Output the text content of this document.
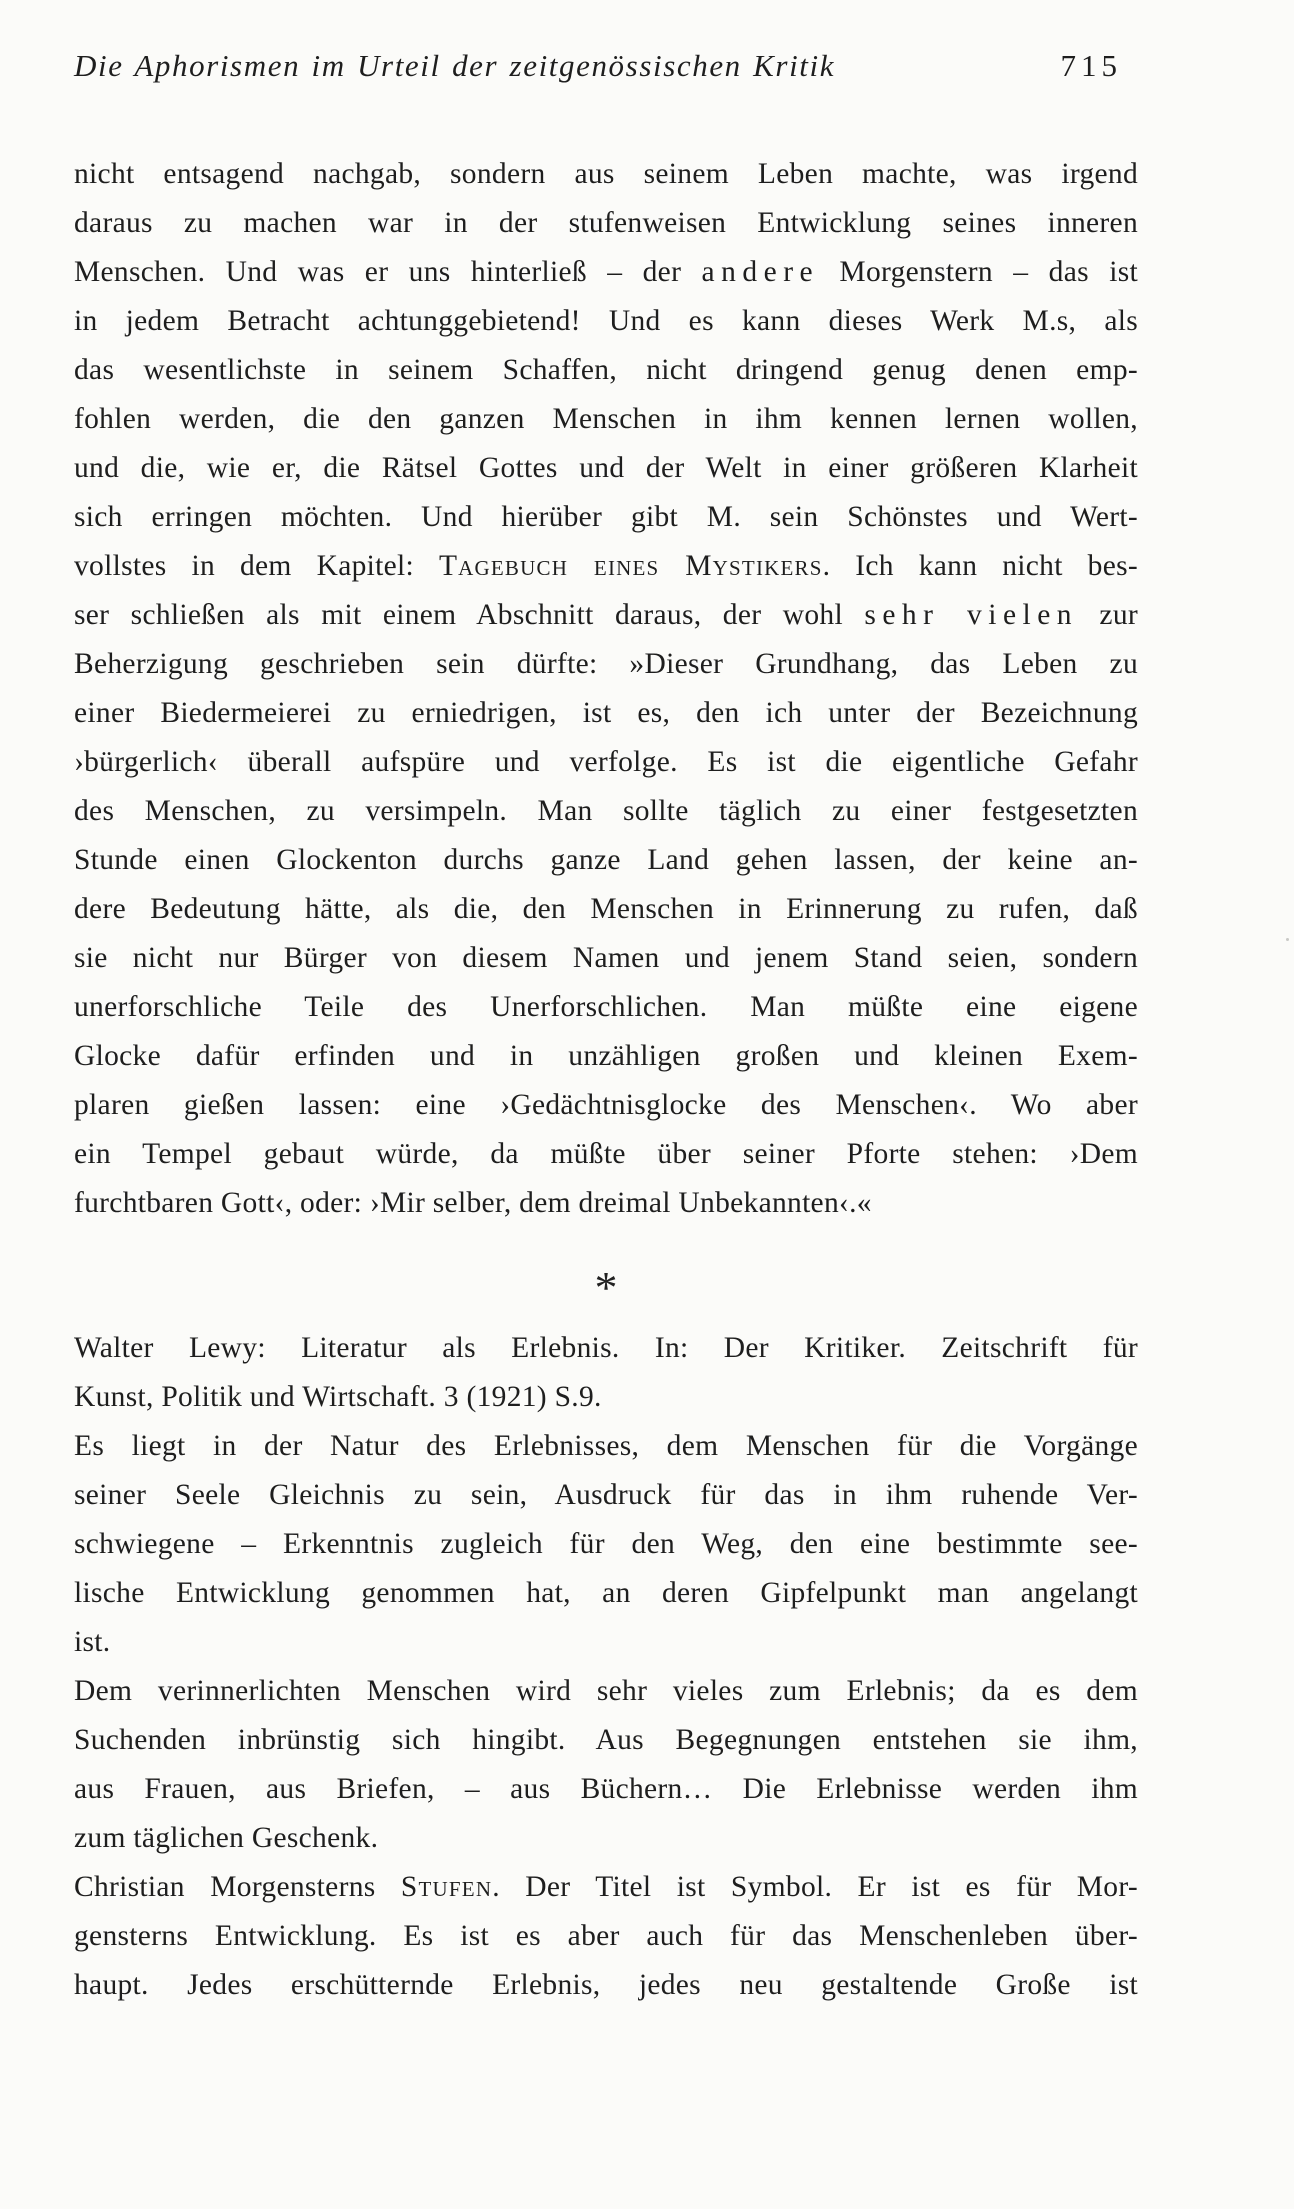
Die Aphorismen im Urteil der zeitgenössischen Kritik	715
nicht entsagend nachgab, sondern aus seinem Leben machte, was irgend
daraus zu machen war in der stufenweisen Entwicklung seines inneren
Menschen. Und was er uns hinterließ – der andere Morgenstern – das ist
in jedem Betracht achtunggebietend! Und es kann dieses Werk M.s, als
das wesentlichste in seinem Schaffen, nicht dringend genug denen emp-
fohlen werden, die den ganzen Menschen in ihm kennen lernen wollen,
und die, wie er, die Rätsel Gottes und der Welt in einer größeren Klarheit
sich erringen möchten. Und hierüber gibt M. sein Schönstes und Wert-
vollstes in dem Kapitel: Tagebuch eines Mystikers. Ich kann nicht bes-
ser schließen als mit einem Abschnitt daraus, der wohl sehr vielen zur
Beherzigung geschrieben sein dürfte: »Dieser Grundhang, das Leben zu
einer Biedermeierei zu erniedrigen, ist es, den ich unter der Bezeichnung
›bürgerlich‹ überall aufspüre und verfolge. Es ist die eigentliche Gefahr
des Menschen, zu versimpeln. Man sollte täglich zu einer festgesetzten
Stunde einen Glockenton durchs ganze Land gehen lassen, der keine an-
dere Bedeutung hätte, als die, den Menschen in Erinnerung zu rufen, daß
sie nicht nur Bürger von diesem Namen und jenem Stand seien, sondern
unerforschliche Teile des Unerforschlichen. Man müßte eine eigene
Glocke dafür erfinden und in unzähligen großen und kleinen Exem-
plaren gießen lassen: eine ›Gedächtnisglocke des Menschen‹. Wo aber
ein Tempel gebaut würde, da müßte über seiner Pforte stehen: ›Dem
furchtbaren Gott‹, oder: ›Mir selber, dem dreimal Unbekannten‹.«
*
Walter Lewy: Literatur als Erlebnis. In: Der Kritiker. Zeitschrift für
Kunst, Politik und Wirtschaft. 3 (1921) S.9.
Es liegt in der Natur des Erlebnisses, dem Menschen für die Vorgänge
seiner Seele Gleichnis zu sein, Ausdruck für das in ihm ruhende Ver-
schwiegene – Erkenntnis zugleich für den Weg, den eine bestimmte see-
lische Entwicklung genommen hat, an deren Gipfelpunkt man angelangt
ist.
Dem verinnerlichten Menschen wird sehr vieles zum Erlebnis; da es dem
Suchenden inbrünstig sich hingibt. Aus Begegnungen entstehen sie ihm,
aus Frauen, aus Briefen, – aus Büchern… Die Erlebnisse werden ihm
zum täglichen Geschenk.
Christian Morgensterns Stufen. Der Titel ist Symbol. Er ist es für Mor-
gensterns Entwicklung. Es ist es aber auch für das Menschenleben über-
haupt. Jedes erschütternde Erlebnis, jedes neu gestaltende Große ist
